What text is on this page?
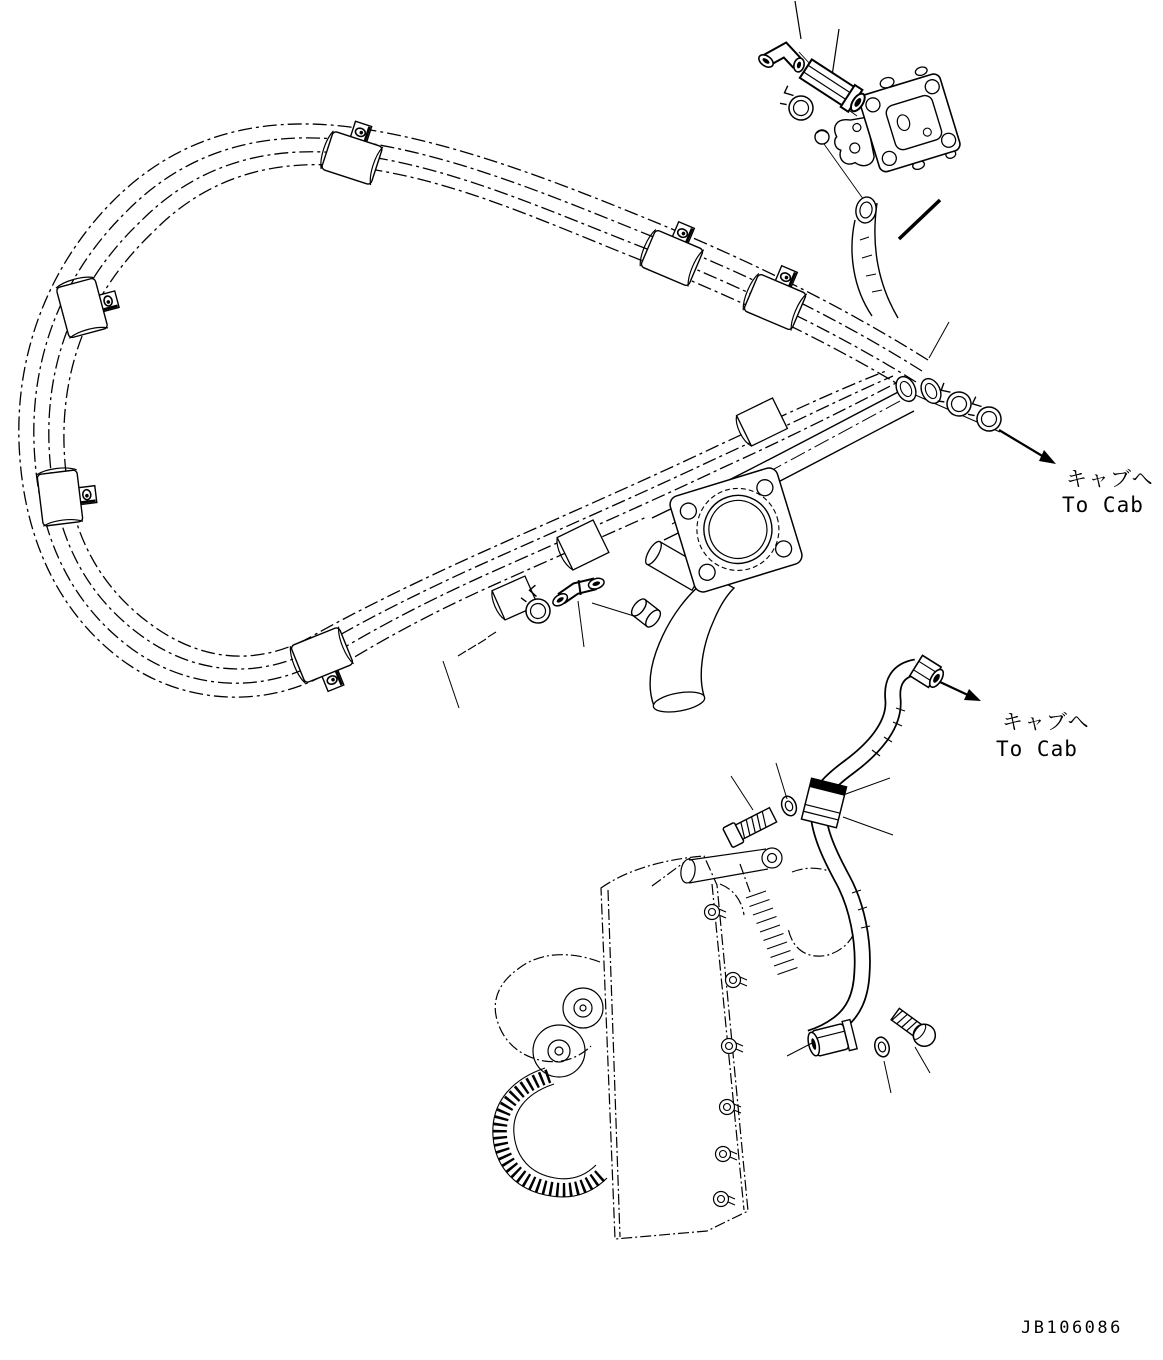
キャブへ
To Cab
キャブへ
To Cab
JB106086
